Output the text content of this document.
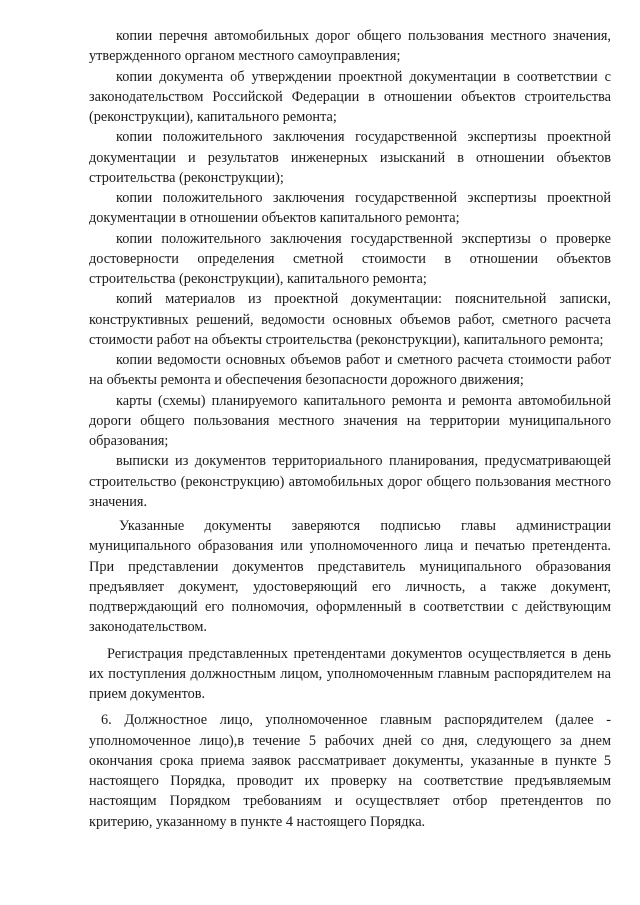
копии перечня автомобильных дорог общего пользования местного значения, утвержденного органом местного самоуправления;

копии документа об утверждении проектной документации в соответствии с законодательством Российской Федерации в отношении объектов строительства (реконструкции), капитального ремонта;

копии положительного заключения государственной экспертизы проектной документации и результатов инженерных изысканий в отношении объектов строительства (реконструкции);

копии положительного заключения государственной экспертизы проектной документации в отношении объектов капитального ремонта;

копии положительного заключения государственной экспертизы о проверке достоверности определения сметной стоимости в отношении объектов строительства (реконструкции), капитального ремонта;

копий материалов из проектной документации: пояснительной записки, конструктивных решений, ведомости основных объемов работ, сметного расчета стоимости работ на объекты строительства (реконструкции), капитального ремонта;

копии ведомости основных объемов работ и сметного расчета стоимости работ на объекты ремонта и обеспечения безопасности дорожного движения;

карты (схемы) планируемого капитального ремонта и ремонта автомобильной дороги общего пользования местного значения на территории муниципального образования;

выписки из документов территориального планирования, предусматривающей строительство (реконструкцию) автомобильных дорог общего пользования местного значения.

Указанные документы заверяются подписью главы администрации муниципального образования или уполномоченного лица и печатью претендента. При представлении документов представитель муниципального образования предъявляет документ, удостоверяющий его личность, а также документ, подтверждающий его полномочия, оформленный в соответствии с действующим законодательством.

Регистрация представленных претендентами документов осуществляется в день их поступления должностным лицом, уполномоченным главным распорядителем на прием документов.

6. Должностное лицо, уполномоченное главным распорядителем (далее - уполномоченное лицо),в течение 5 рабочих дней со дня, следующего за днем окончания срока приема заявок рассматривает документы, указанные в пункте 5 настоящего Порядка, проводит их проверку на соответствие предъявляемым настоящим Порядком требованиям и осуществляет отбор претендентов по критерию, указанному в пункте 4 настоящего Порядка.
